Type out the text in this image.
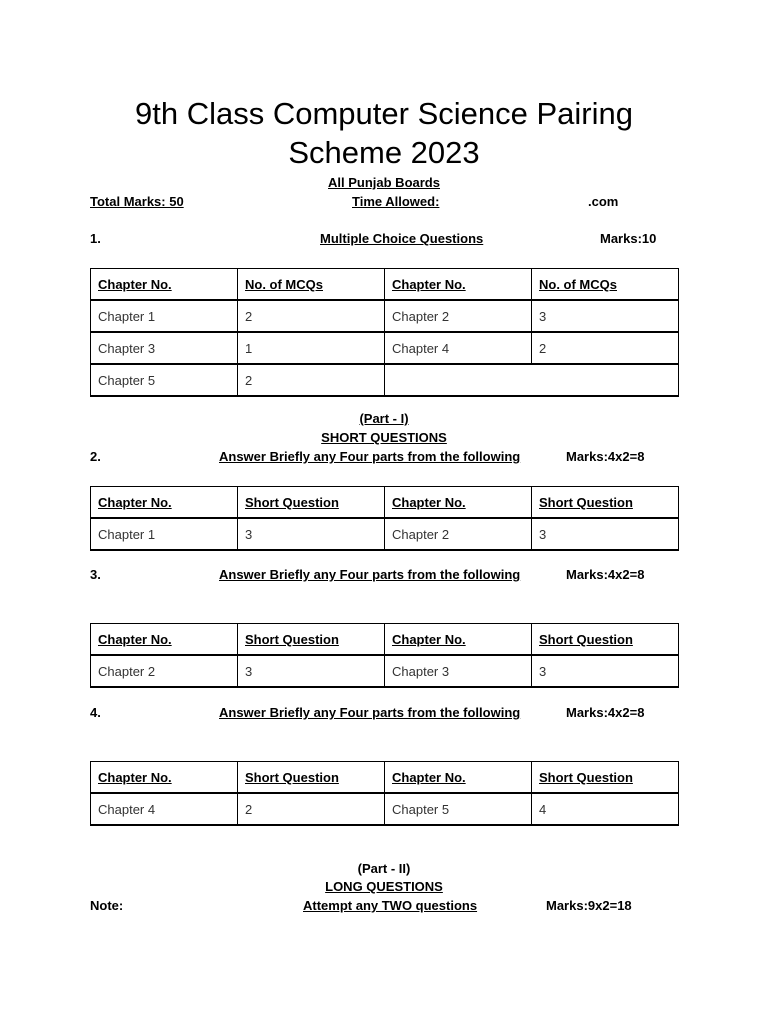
9th Class Computer Science Pairing
Scheme 2023
All Punjab Boards
Total Marks: 50	Time Allowed:	.com
1.	Multiple Choice Questions	Marks:10
Chapter No.	No. of MCQs	Chapter No.	No. of MCQs
Chapter 1	2	Chapter 2	3
Chapter 3	1	Chapter 4	2
Chapter 5	2		
(Part - I)
SHORT QUESTIONS
2.	Answer Briefly any Four parts from the following	Marks:4x2=8
Chapter No.	Short Question	Chapter No.	Short Question
Chapter 1	3	Chapter 2	3
3.	Answer Briefly any Four parts from the following	Marks:4x2=8
Chapter No.	Short Question	Chapter No.	Short Question
Chapter 2	3	Chapter 3	3
4.	Answer Briefly any Four parts from the following	Marks:4x2=8
Chapter No.	Short Question	Chapter No.	Short Question
Chapter 4	2	Chapter 5	4
(Part - II)
LONG QUESTIONS
Note:	Attempt any TWO questions	Marks:9x2=18
